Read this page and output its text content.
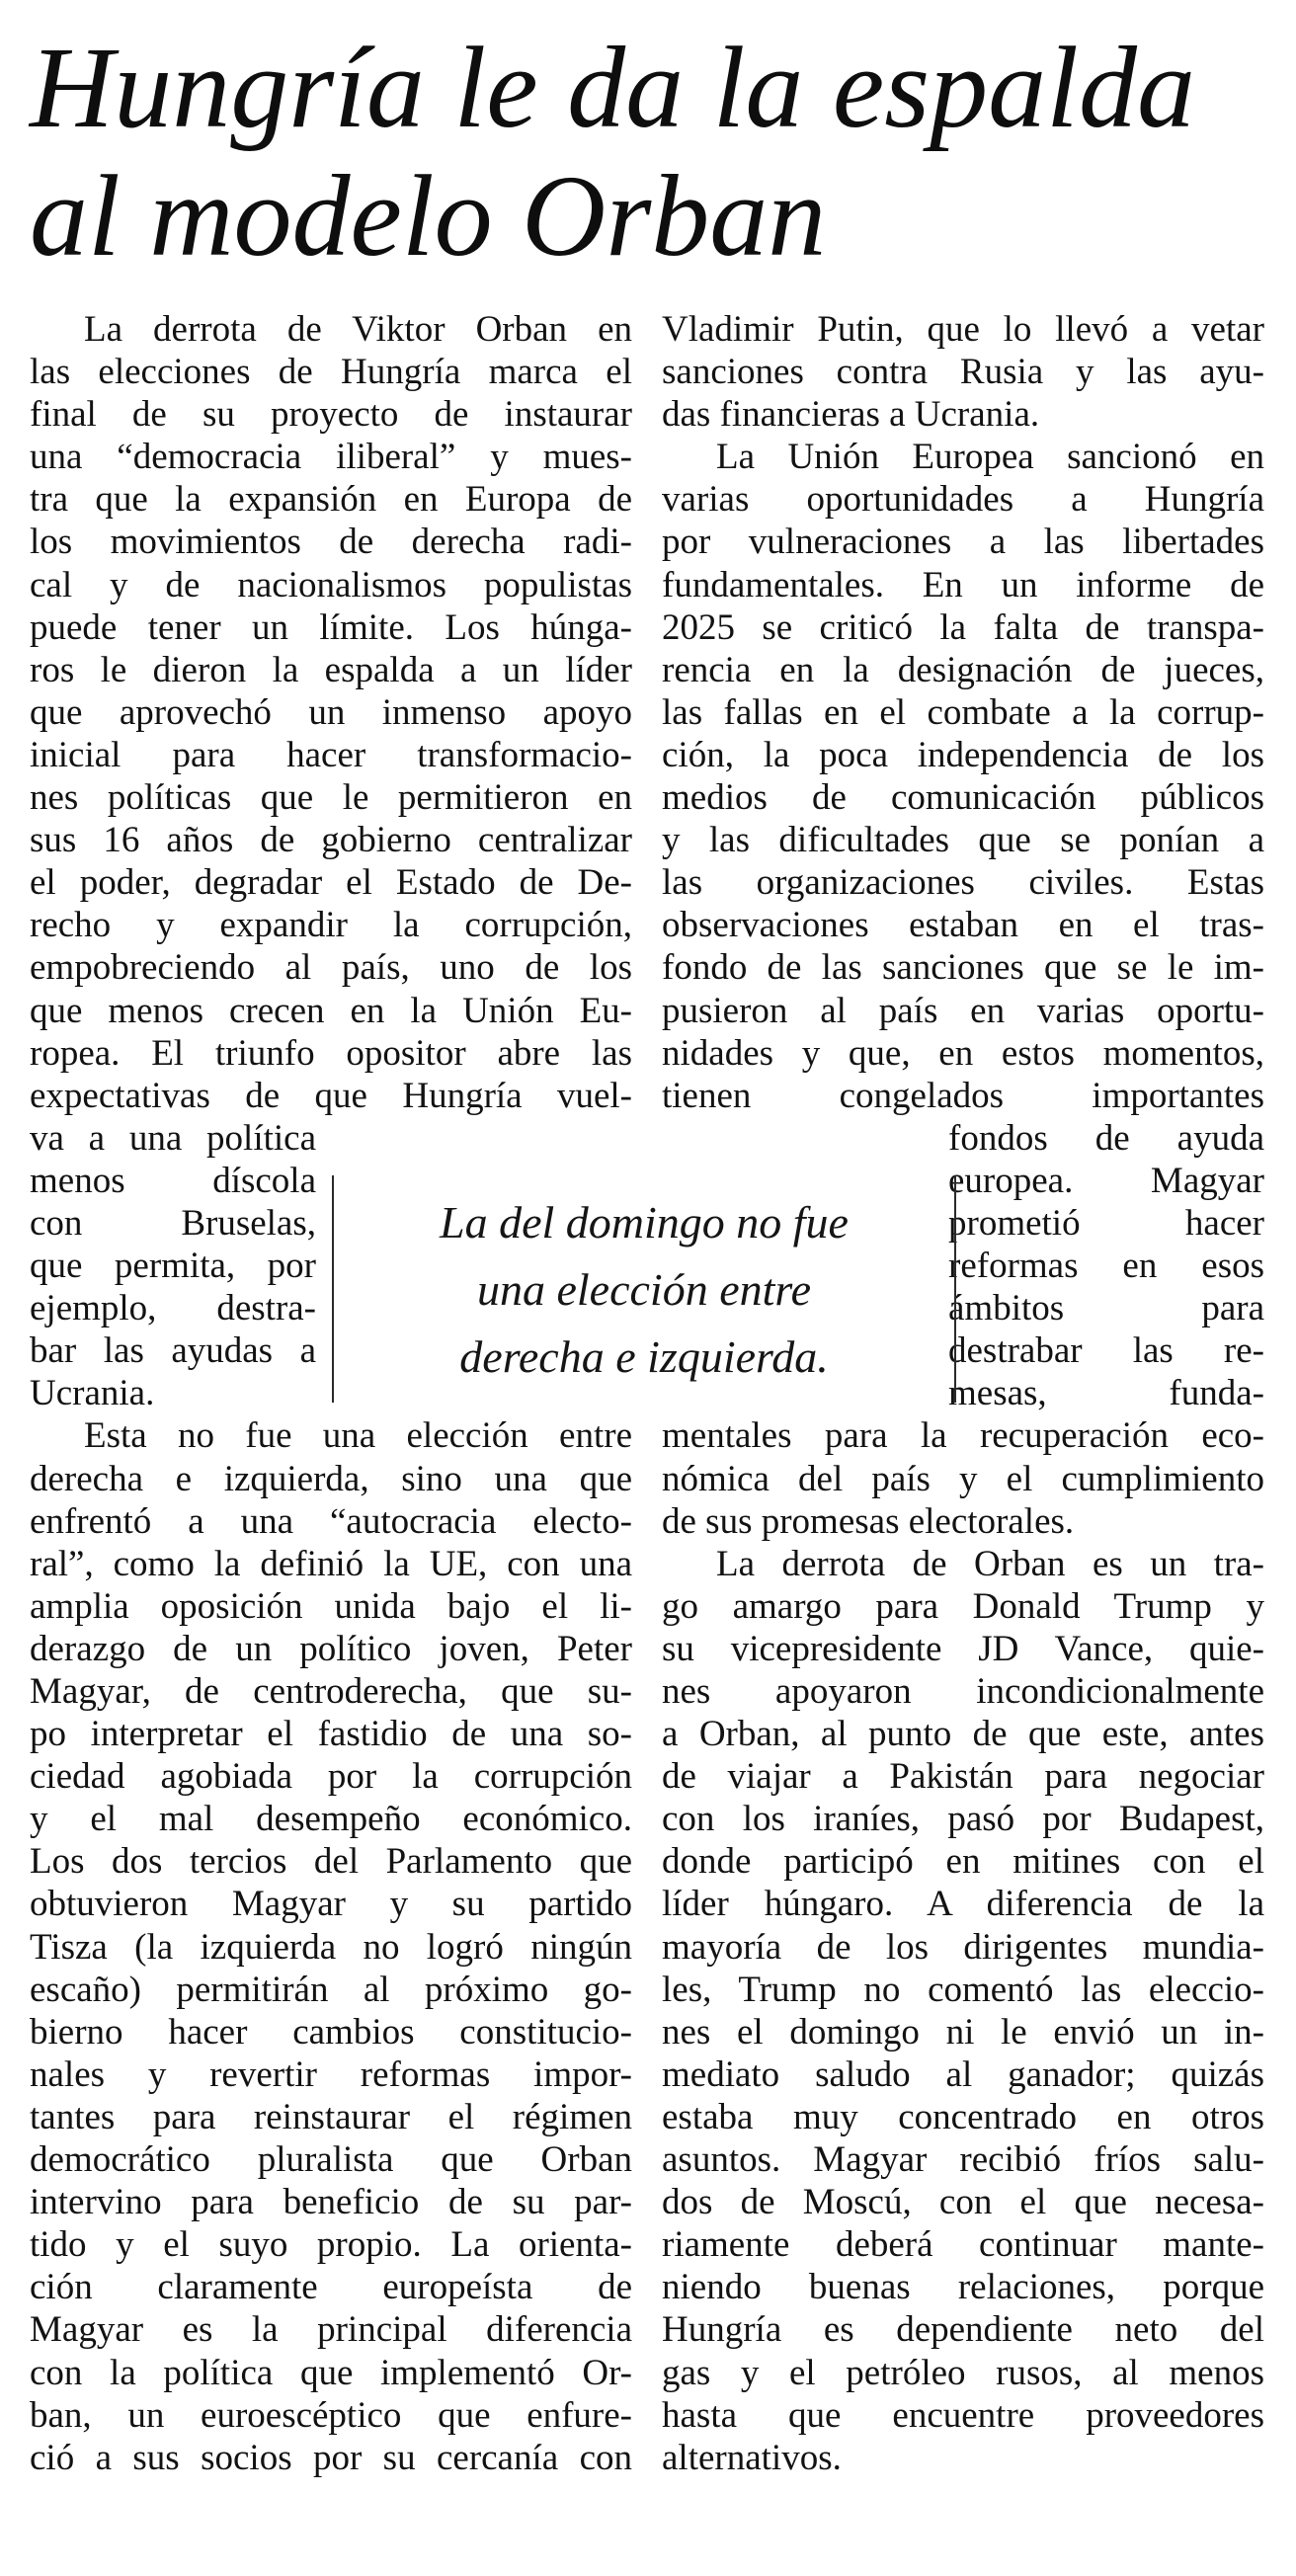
Hungría le da la espalda
al modelo Orban
La derrota de Viktor Orban en
las elecciones de Hungría marca el
final de su proyecto de instaurar
una “democracia iliberal” y mues-
tra que la expansión en Europa de
los movimientos de derecha radi-
cal y de nacionalismos populistas
puede tener un límite. Los húnga-
ros le dieron la espalda a un líder
que aprovechó un inmenso apoyo
inicial para hacer transformacio-
nes políticas que le permitieron en
sus 16 años de gobierno centralizar
el poder, degradar el Estado de De-
recho y expandir la corrupción,
empobreciendo al país, uno de los
que menos crecen en la Unión Eu-
ropea. El triunfo opositor abre las
expectativas de que Hungría vuel-
va a una política
menos díscola
con Bruselas,
que permita, por
ejemplo, destra-
bar las ayudas a
Ucrania.
Esta no fue una elección entre
derecha e izquierda, sino una que
enfrentó a una “autocracia electo-
ral”, como la definió la UE, con una
amplia oposición unida bajo el li-
derazgo de un político joven, Peter
Magyar, de centroderecha, que su-
po interpretar el fastidio de una so-
ciedad agobiada por la corrupción
y el mal desempeño económico.
Los dos tercios del Parlamento que
obtuvieron Magyar y su partido
Tisza (la izquierda no logró ningún
escaño) permitirán al próximo go-
bierno hacer cambios constitucio-
nales y revertir reformas impor-
tantes para reinstaurar el régimen
democrático pluralista que Orban
intervino para beneficio de su par-
tido y el suyo propio. La orienta-
ción claramente europeísta de
Magyar es la principal diferencia
con la política que implementó Or-
ban, un euroescéptico que enfure-
ció a sus socios por su cercanía con
Vladimir Putin, que lo llevó a vetar
sanciones contra Rusia y las ayu-
das financieras a Ucrania.
La Unión Europea sancionó en
varias oportunidades a Hungría
por vulneraciones a las libertades
fundamentales. En un informe de
2025 se criticó la falta de transpa-
rencia en la designación de jueces,
las fallas en el combate a la corrup-
ción, la poca independencia de los
medios de comunicación públicos
y las dificultades que se ponían a
las organizaciones civiles. Estas
observaciones estaban en el tras-
fondo de las sanciones que se le im-
pusieron al país en varias oportu-
nidades y que, en estos momentos,
tienen congelados importantes
fondos de ayuda
europea. Magyar
prometió hacer
reformas en esos
ámbitos para
destrabar las re-
mesas, funda-
mentales para la recuperación eco-
nómica del país y el cumplimiento
de sus promesas electorales.
La derrota de Orban es un tra-
go amargo para Donald Trump y
su vicepresidente JD Vance, quie-
nes apoyaron incondicionalmente
a Orban, al punto de que este, antes
de viajar a Pakistán para negociar
con los iraníes, pasó por Budapest,
donde participó en mitines con el
líder húngaro. A diferencia de la
mayoría de los dirigentes mundia-
les, Trump no comentó las eleccio-
nes el domingo ni le envió un in-
mediato saludo al ganador; quizás
estaba muy concentrado en otros
asuntos. Magyar recibió fríos salu-
dos de Moscú, con el que necesa-
riamente deberá continuar mante-
niendo buenas relaciones, porque
Hungría es dependiente neto del
gas y el petróleo rusos, al menos
hasta que encuentre proveedores
alternativos.
La del domingo no fue
una elección entre
derecha e izquierda.
